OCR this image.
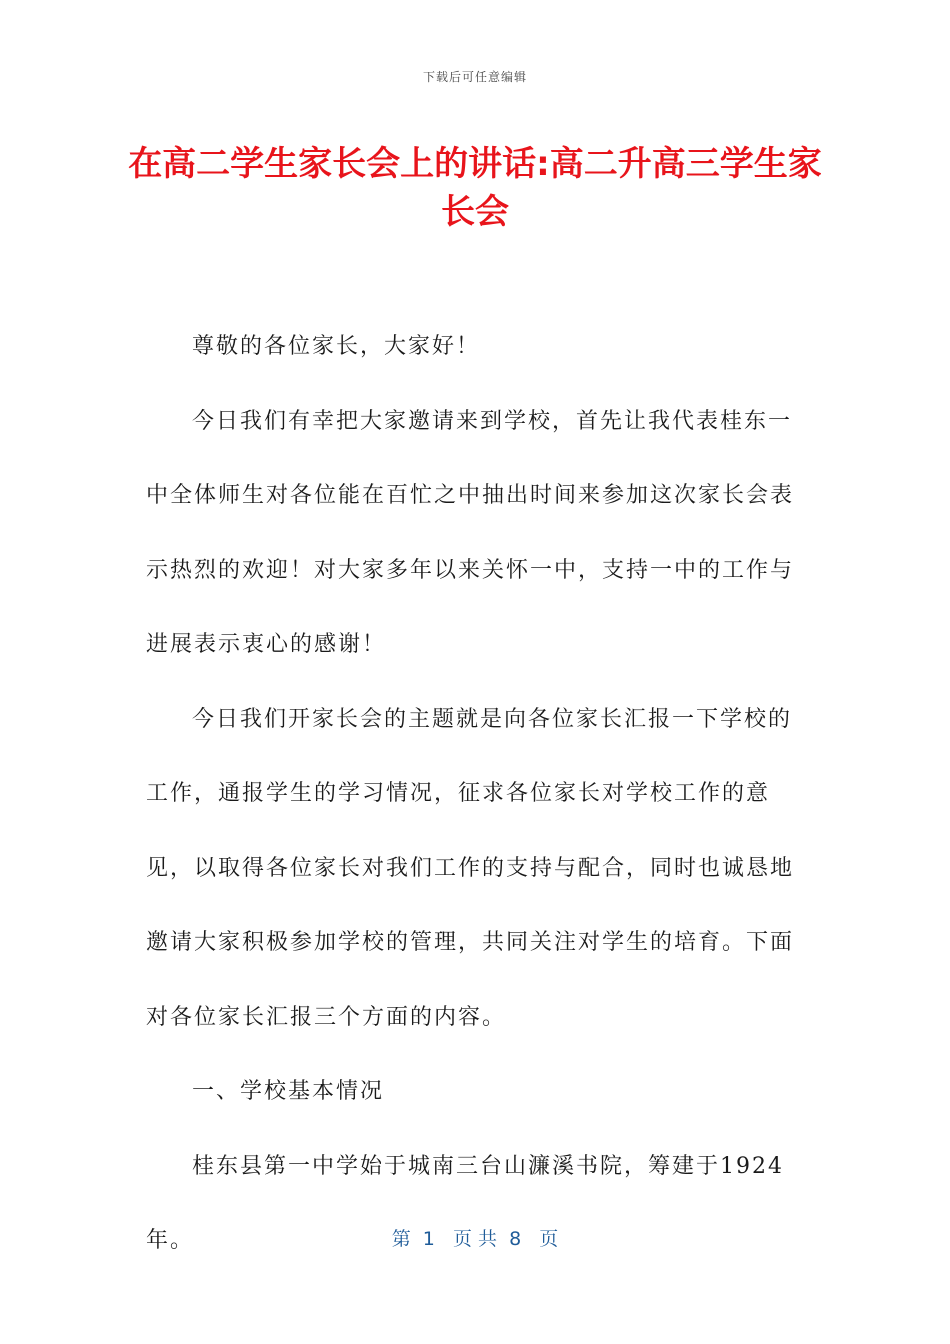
下载后可任意编辑
在高二学生家长会上的讲话:高二升高三学生家长会

尊敬的各位家长，大家好！

今日我们有幸把大家邀请来到学校，首先让我代表桂东一中全体师生对各位能在百忙之中抽出时间来参加这次家长会表示热烈的欢迎！对大家多年以来关怀一中，支持一中的工作与进展表示衷心的感谢！

今日我们开家长会的主题就是向各位家长汇报一下学校的工作，通报学生的学习情况，征求各位家长对学校工作的意见，以取得各位家长对我们工作的支持与配合，同时也诚恳地邀请大家积极参加学校的管理，共同关注对学生的培育。下面对各位家长汇报三个方面的内容。

一、学校基本情况

桂东县第一中学始于城南三台山濂溪书院，筹建于1924年。	第  1   页 共  8   页
